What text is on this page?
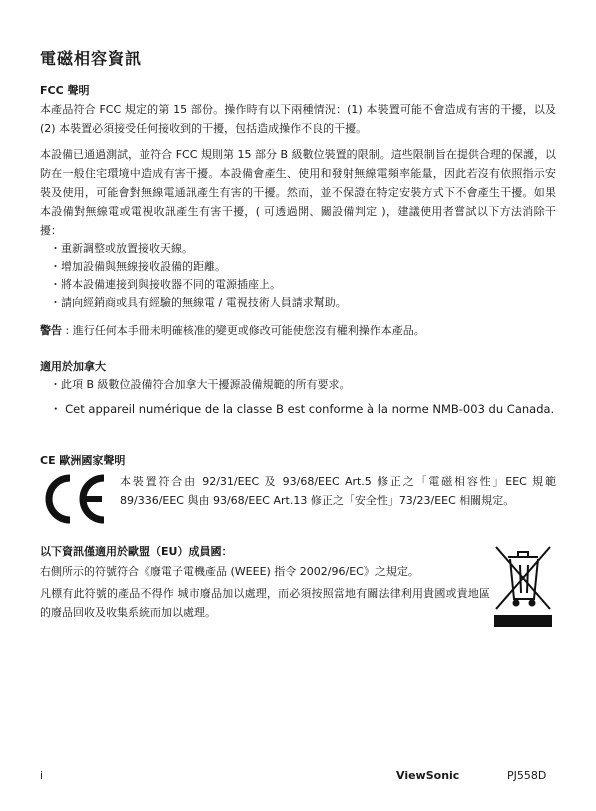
電磁相容資訊
FCC 聲明
本產品符合 FCC 規定的第 15 部份。操作時有以下兩種情況：(1) 本裝置可能不會造成有害的干擾，以及 (2) 本裝置必須接受任何接收到的干擾，包括造成操作不良的干擾。
本設備已通過測試，並符合 FCC 規則第 15 部分 B 級數位裝置的限制。這些限制旨在提供合理的保護，以防在一般住宅環境中造成有害干擾。本設備會產生、使用和發射無線電頻率能量，因此若沒有依照指示安裝及使用，可能會對無線電通訊產生有害的干擾。然而，並不保證在特定安裝方式下不會產生干擾。如果本設備對無線電或電視收訊產生有害干擾，( 可透過開、關設備判定 )，建議使用者嘗試以下方法消除干擾：
・ 重新調整或放置接收天線。
・ 增加設備與無線接收設備的距離。
・ 將本設備連接到與接收器不同的電源插座上。
・ 請向經銷商或具有經驗的無線電 / 電視技術人員請求幫助。
警告 : 進行任何本手冊未明確核准的變更或修改可能使您沒有權利操作本產品。
適用於加拿大
・ 此項 B 級數位設備符合加拿大干擾源設備規範的所有要求。
・ Cet appareil numérique de la classe B est conforme à la norme NMB-003 du Canada.
CE 歐洲國家聲明
本裝置符合由 92/31/EEC 及 93/68/EEC Art.5 修正之「電磁相容性」EEC 規範 89/336/EEC 與由 93/68/EEC Art.13 修正之「安全性」73/23/EEC 相關規定。
以下資訊僅適用於歐盟（EU）成員國：
右側所示的符號符合《廢電子電機產品 (WEEE) 指令 2002/96/EC》之規定。
凡標有此符號的產品不得作 城市廢品加以處理，而必須按照當地有關法律利用貴國或貴地區的廢品回收及收集系統而加以處理。
i	ViewSonic	PJ558D
